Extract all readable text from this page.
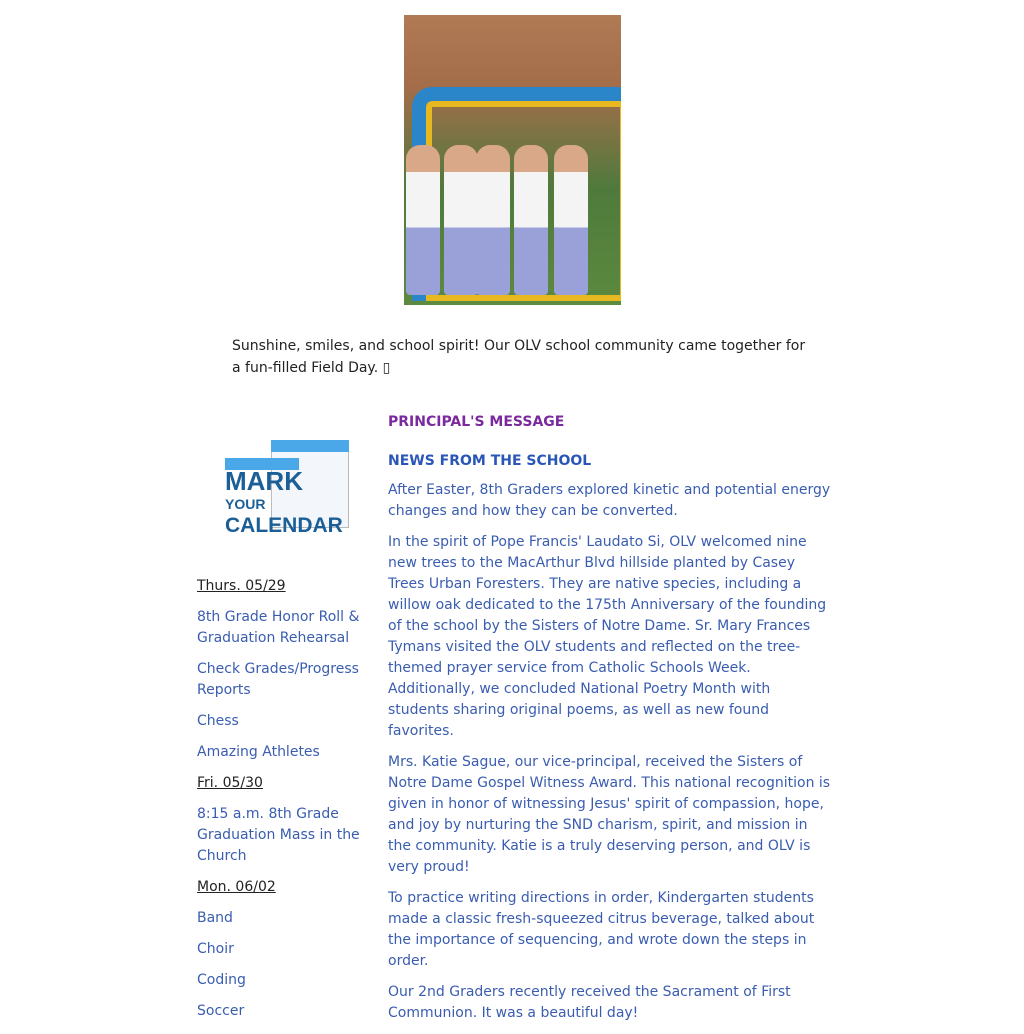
Sunshine, smiles, and school spirit! Our OLV school community came together for a fun-filled Field Day. ▯
MARK
YOUR
CALENDAR

Thurs. 05/29

8th Grade Honor Roll & Graduation Rehearsal

Check Grades/Progress Reports

Chess

Amazing Athletes

Fri. 05/30

8:15 a.m. 8th Grade Graduation Mass in the Church

Mon. 06/02

Band

Choir

Coding

Soccer

PRINCIPAL'S MESSAGE
NEWS FROM THE SCHOOL

After Easter, 8th Graders explored kinetic and potential energy changes and how they can be converted.

In the spirit of Pope Francis' Laudato Si, OLV welcomed nine new trees to the MacArthur Blvd hillside planted by Casey Trees Urban Foresters. They are native species, including a willow oak dedicated to the 175th Anniversary of the founding of the school by the Sisters of Notre Dame. Sr. Mary Frances Tymans visited the OLV students and reflected on the tree-themed prayer service from Catholic Schools Week. Additionally, we concluded National Poetry Month with students sharing original poems, as well as new found favorites.

Mrs. Katie Sague, our vice-principal, received the Sisters of Notre Dame Gospel Witness Award. This national recognition is given in honor of witnessing Jesus' spirit of compassion, hope, and joy by nurturing the SND charism, spirit, and mission in the community. Katie is a truly deserving person, and OLV is very proud!

To practice writing directions in order, Kindergarten students made a classic fresh-squeezed citrus beverage, talked about the importance of sequencing, and wrote down the steps in order.

Our 2nd Graders recently received the Sacrament of First Communion. It was a beautiful day!
